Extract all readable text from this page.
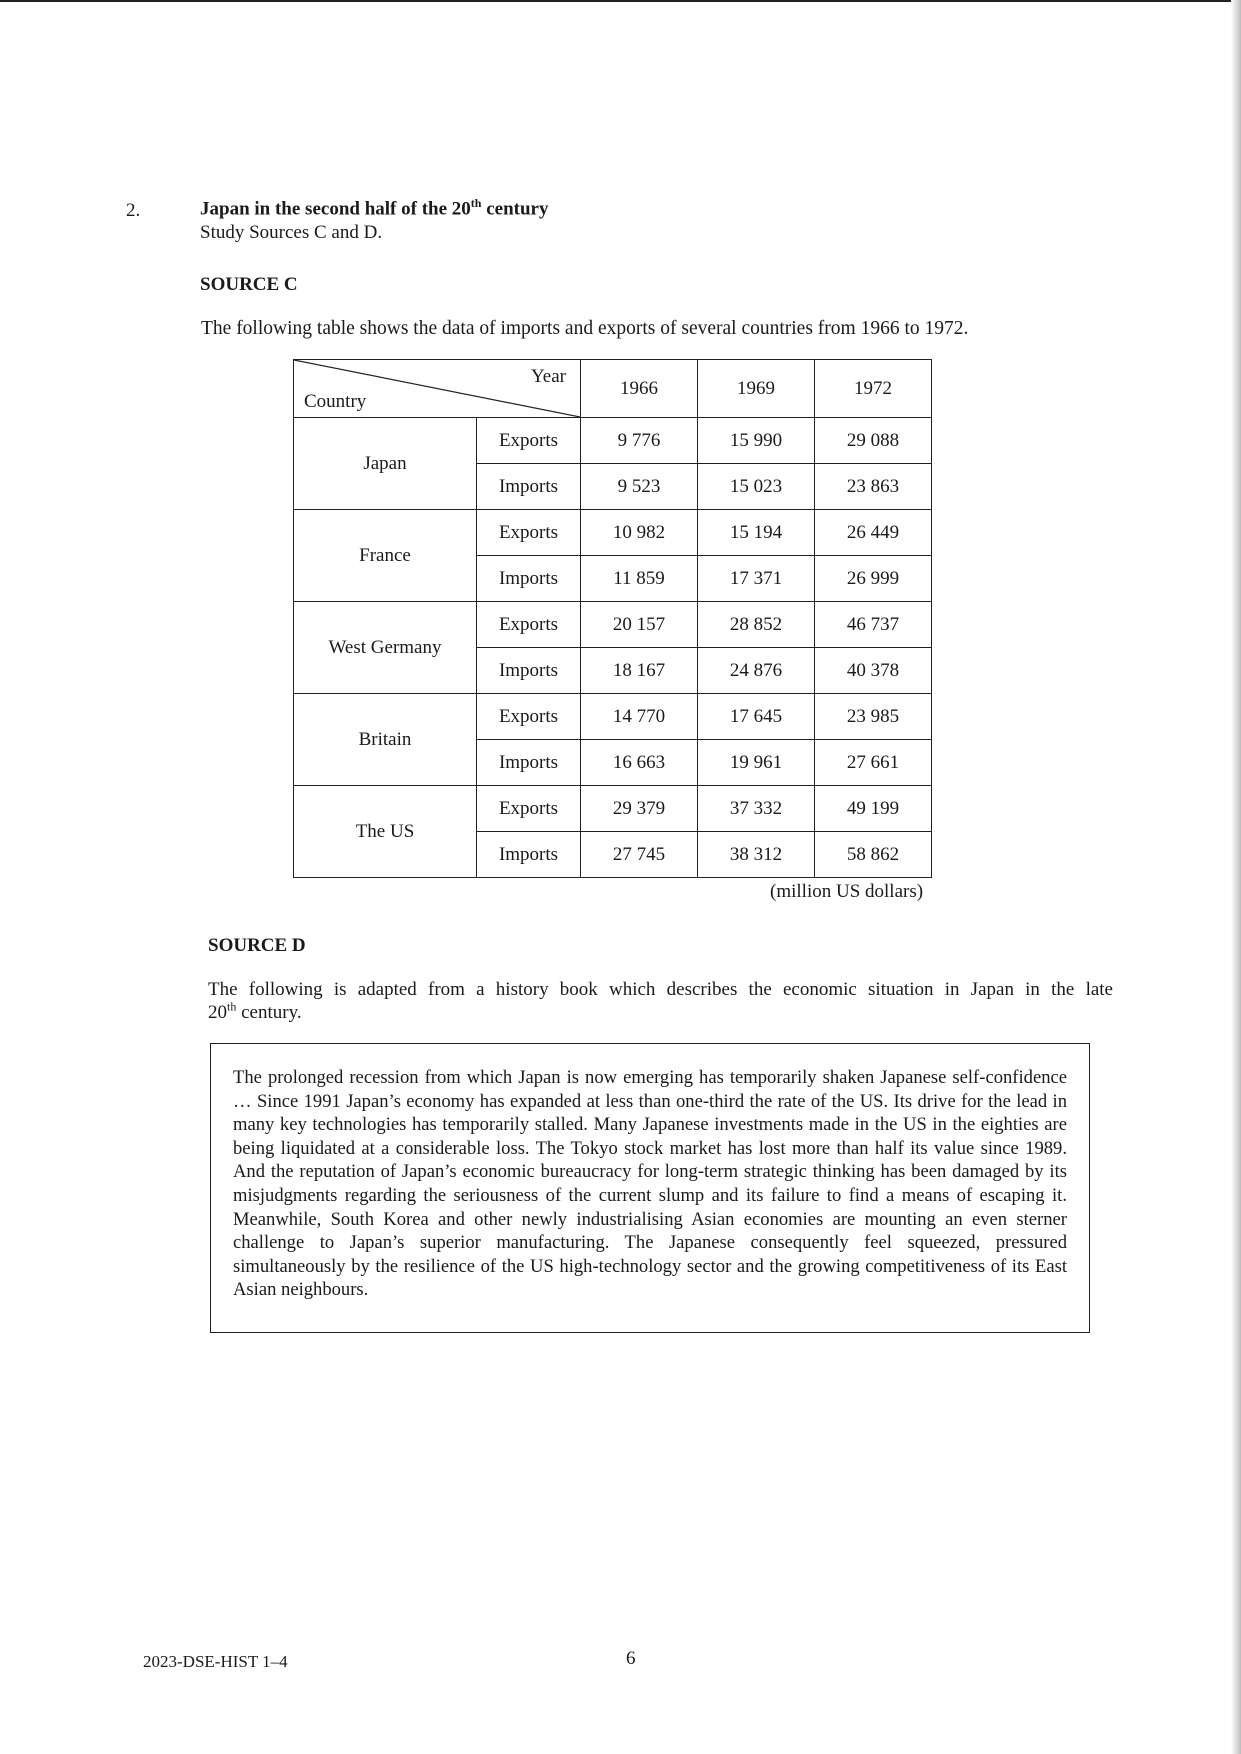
2.	Japan in the second half of the 20th century
Study Sources C and D.
SOURCE C
The following table shows the data of imports and exports of several countries from 1966 to 1972.
Year
Country		1966	1969	1972
Japan	Exports	9 776	15 990	29 088
	Imports	9 523	15 023	23 863
France	Exports	10 982	15 194	26 449
	Imports	11 859	17 371	26 999
West Germany	Exports	20 157	28 852	46 737
	Imports	18 167	24 876	40 378
Britain	Exports	14 770	17 645	23 985
	Imports	16 663	19 961	27 661
The US	Exports	29 379	37 332	49 199
	Imports	27 745	38 312	58 862
(million US dollars)
SOURCE D
The following is adapted from a history book which describes the economic situation in Japan in the late
20th century.

The prolonged recession from which Japan is now emerging has temporarily shaken Japanese self-confidence … Since 1991 Japan’s economy has expanded at less than one-third the rate of the US. Its drive for the lead in many key technologies has temporarily stalled. Many Japanese investments made in the US in the eighties are being liquidated at a considerable loss. The Tokyo stock market has lost more than half its value since 1989. And the reputation of Japan’s economic bureaucracy for long-term strategic thinking has been damaged by its misjudgments regarding the seriousness of the current slump and its failure to find a means of escaping it. Meanwhile, South Korea and other newly industrialising Asian economies are mounting an even sterner challenge to Japan’s superior manufacturing. The Japanese consequently feel squeezed, pressured simultaneously by the resilience of the US high-technology sector and the growing competitiveness of its East Asian neighbours.

2023-DSE-HIST 1–4	6
